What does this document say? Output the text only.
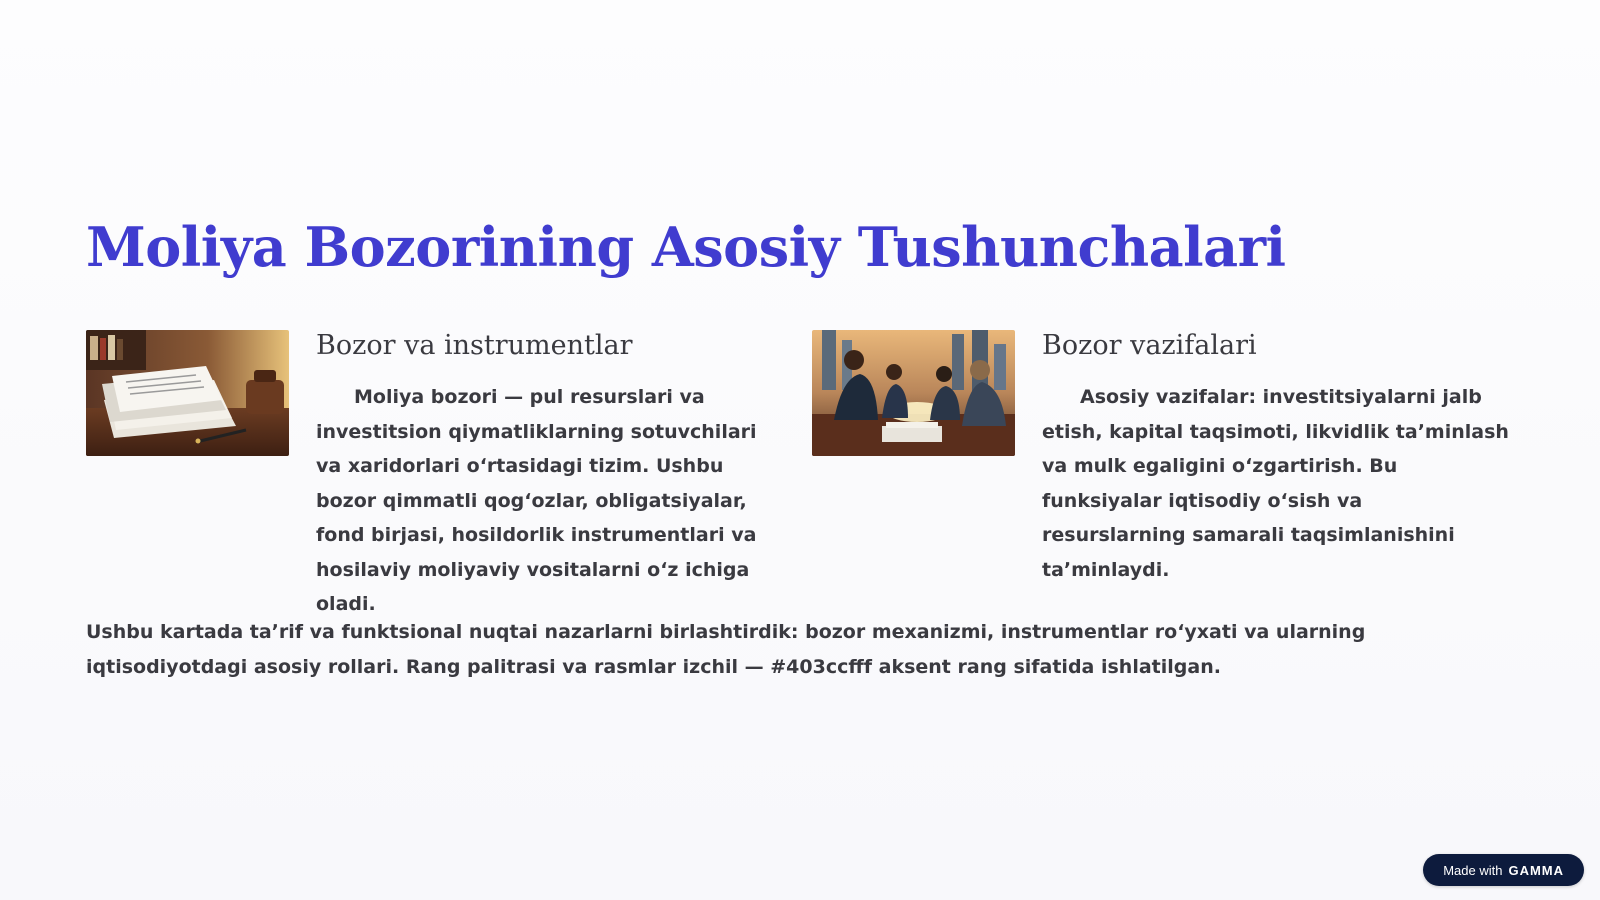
Moliya Bozorining Asosiy Tushunchalari
Bozor va instrumentlar

Moliya bozori — pul resurslari va investitsion qiymatliklarning sotuvchilari va xaridorlari oʻrtasidagi tizim. Ushbu bozor qimmatli qogʻozlar, obligatsiyalar, fond birjasi, hosildorlik instrumentlari va hosilaviy moliyaviy vositalarni oʻz ichiga oladi.

Bozor vazifalari

Asosiy vazifalar: investitsiyalarni jalb etish, kapital taqsimoti, likvidlik taʼminlash va mulk egaligini oʻzgartirish. Bu funksiyalar iqtisodiy oʻsish va resurslarning samarali taqsimlanishini taʼminlaydi.

Ushbu kartada taʼrif va funktsional nuqtai nazarlarni birlashtirdik: bozor mexanizmi, instrumentlar roʻyxati va ularning iqtisodiyotdagi asosiy rollari. Rang palitrasi va rasmlar izchil — #403ccfff aksent rang sifatida ishlatilgan.

Made with GAMMA
